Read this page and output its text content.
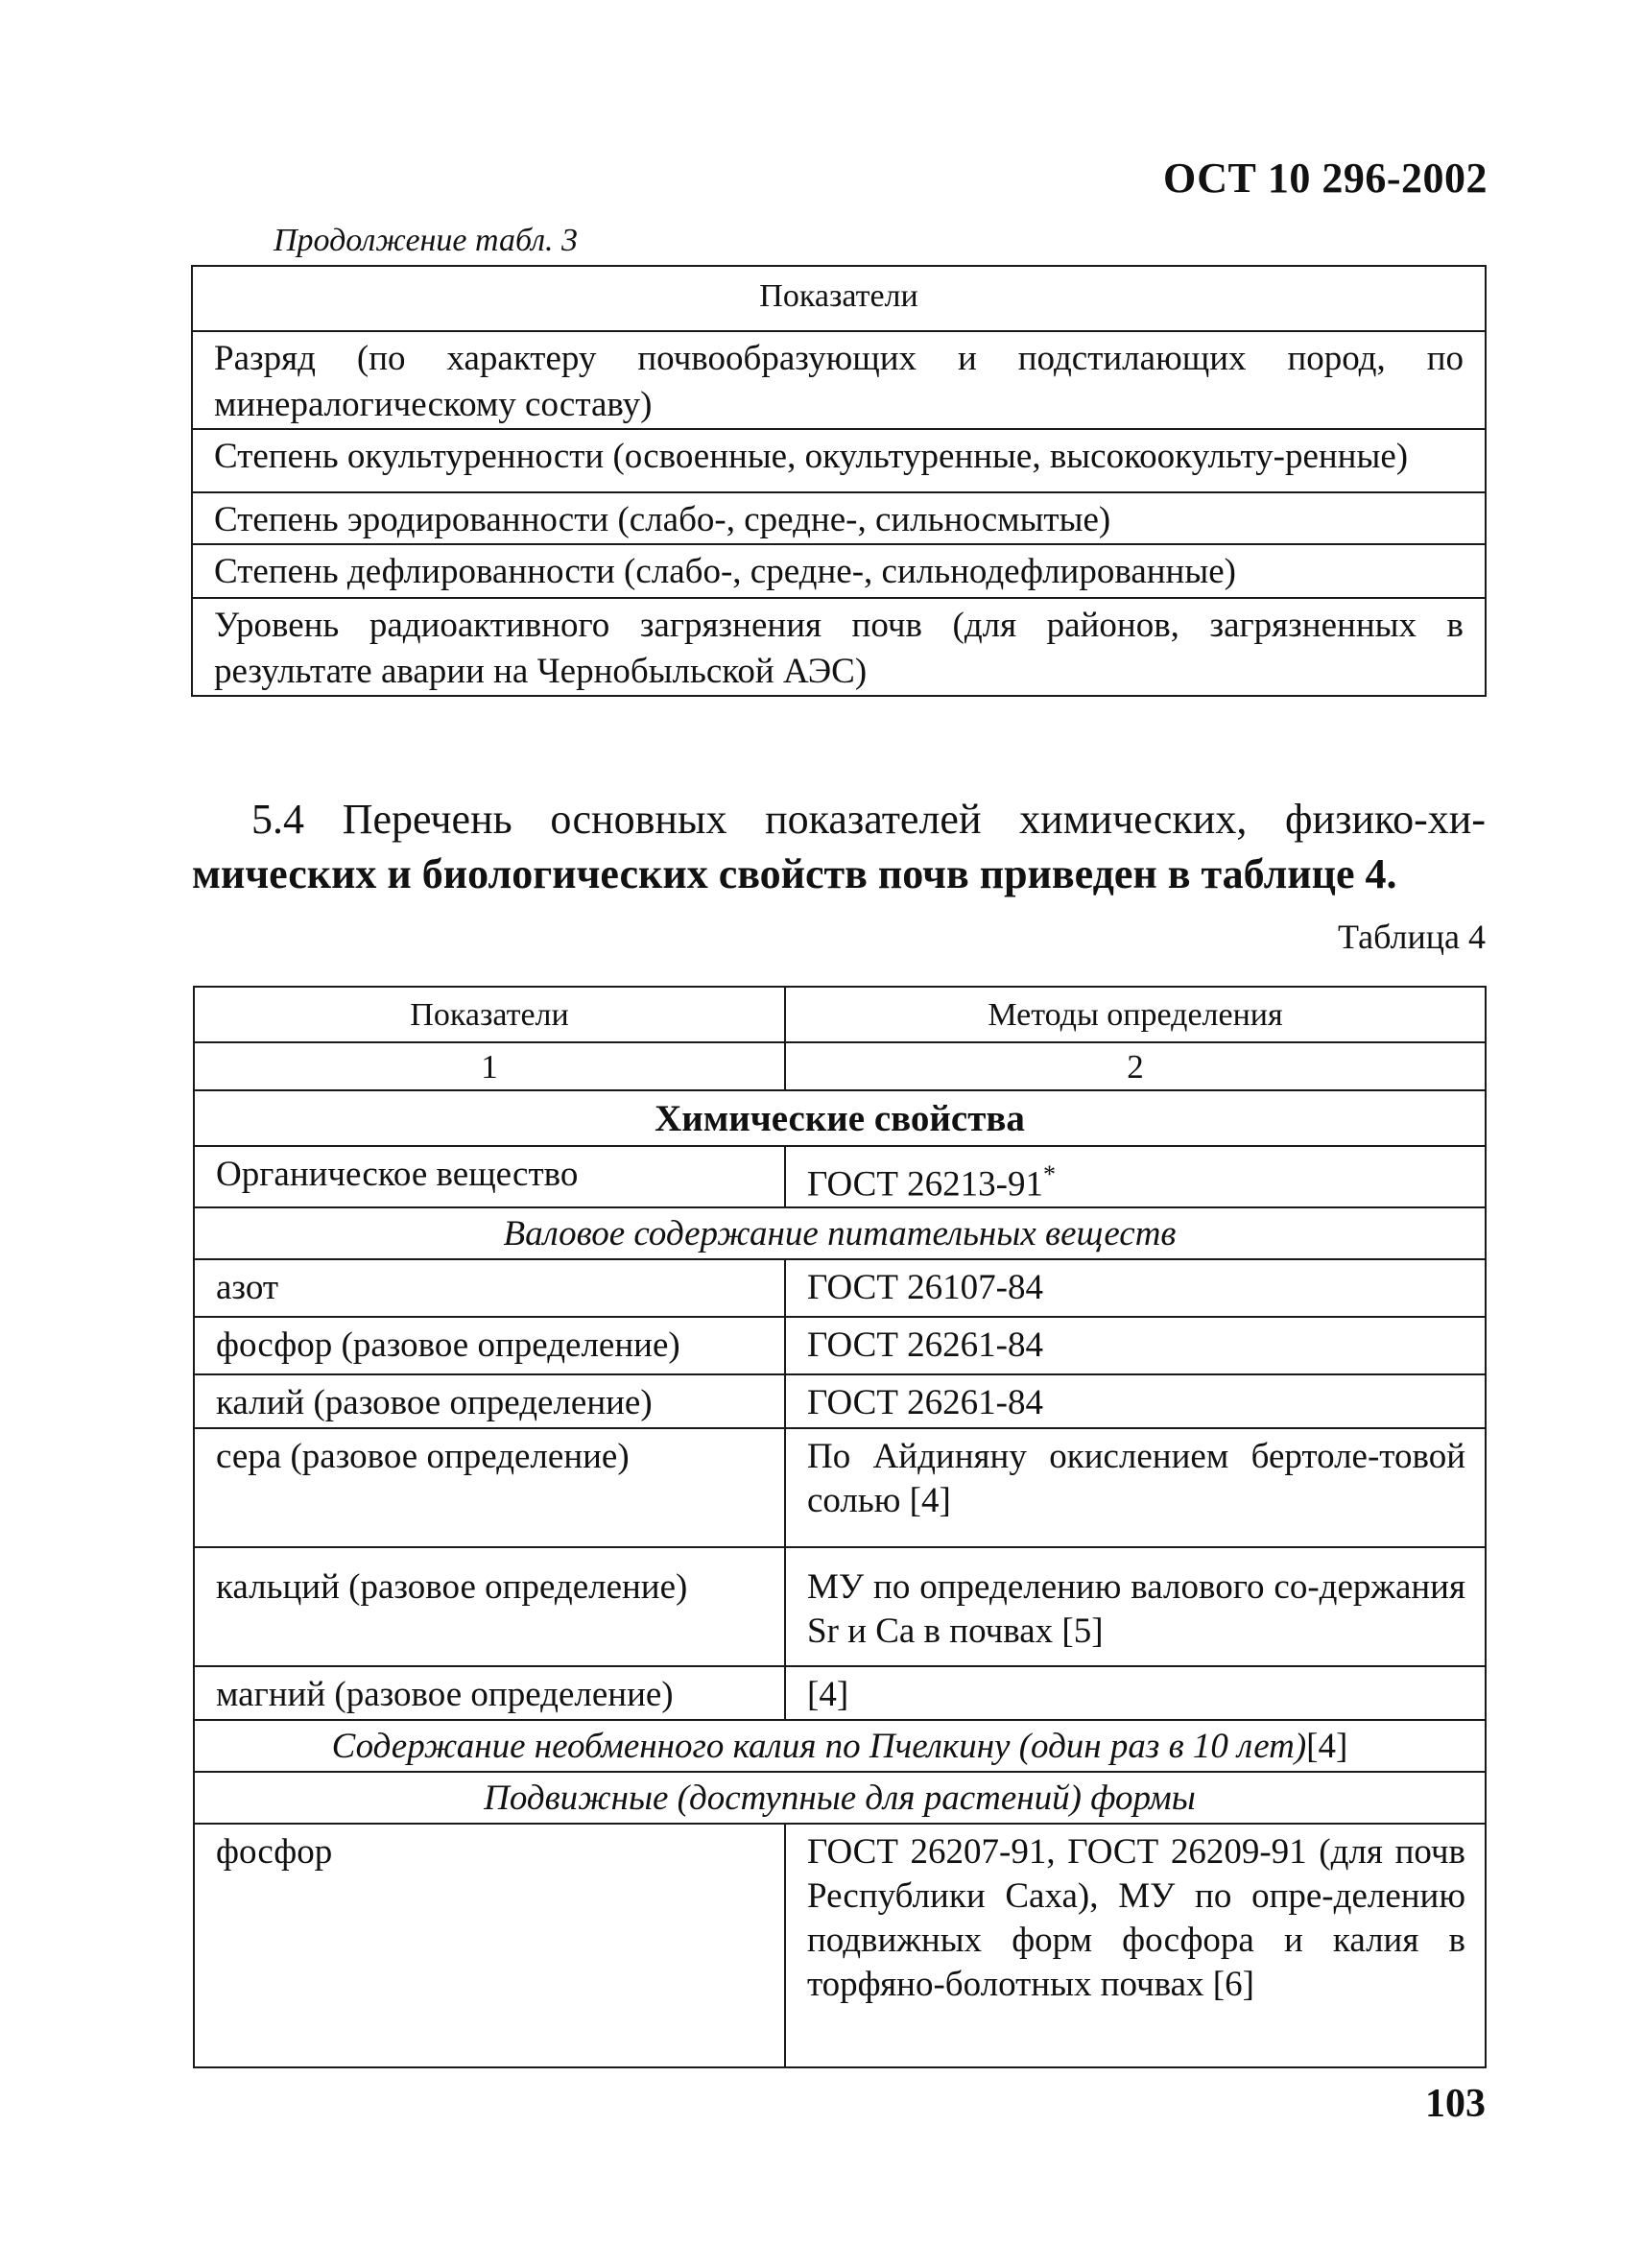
ОСТ 10 296-2002
Продолжение табл. 3
Показатели
Разряд (по характеру почвообразующих и подстилающих пород, по минералогическому составу)
Степень окультуренности (освоенные, окультуренные, высокоокульту-ренные)
Степень эродированности (слабо-, средне-, сильносмытые)
Степень дефлированности (слабо-, средне-, сильнодефлированные)
Уровень радиоактивного загрязнения почв (для районов, загрязненных в результате аварии на Чернобыльской АЭС)
5.4 Перечень основных показателей химических, физико-хи-
мических и биологических свойств почв приведен в таблице 4.
Таблица 4
Показатели	Методы определения
1	2
Химические свойства	
Органическое вещество	ГОСТ 26213-91*
Валовое содержание питательных веществ	
азот	ГОСТ 26107-84
фосфор (разовое определение)	ГОСТ 26261-84
калий (разовое определение)	ГОСТ 26261-84
сера (разовое определение)	По Айдиняну окислением бертоле-товой солью [4]
кальций (разовое определение)	МУ по определению валового со-держания Sr и Ca в почвах [5]
магний (разовое определение)	[4]
Содержание необменного калия по Пчелкину (один раз в 10 лет)[4]	
Подвижные (доступные для растений) формы	
фосфор	ГОСТ 26207-91, ГОСТ 26209-91 (для почв Республики Саха), МУ по опре-делению подвижных форм фосфора и калия в торфяно-болотных почвах [6]
103
